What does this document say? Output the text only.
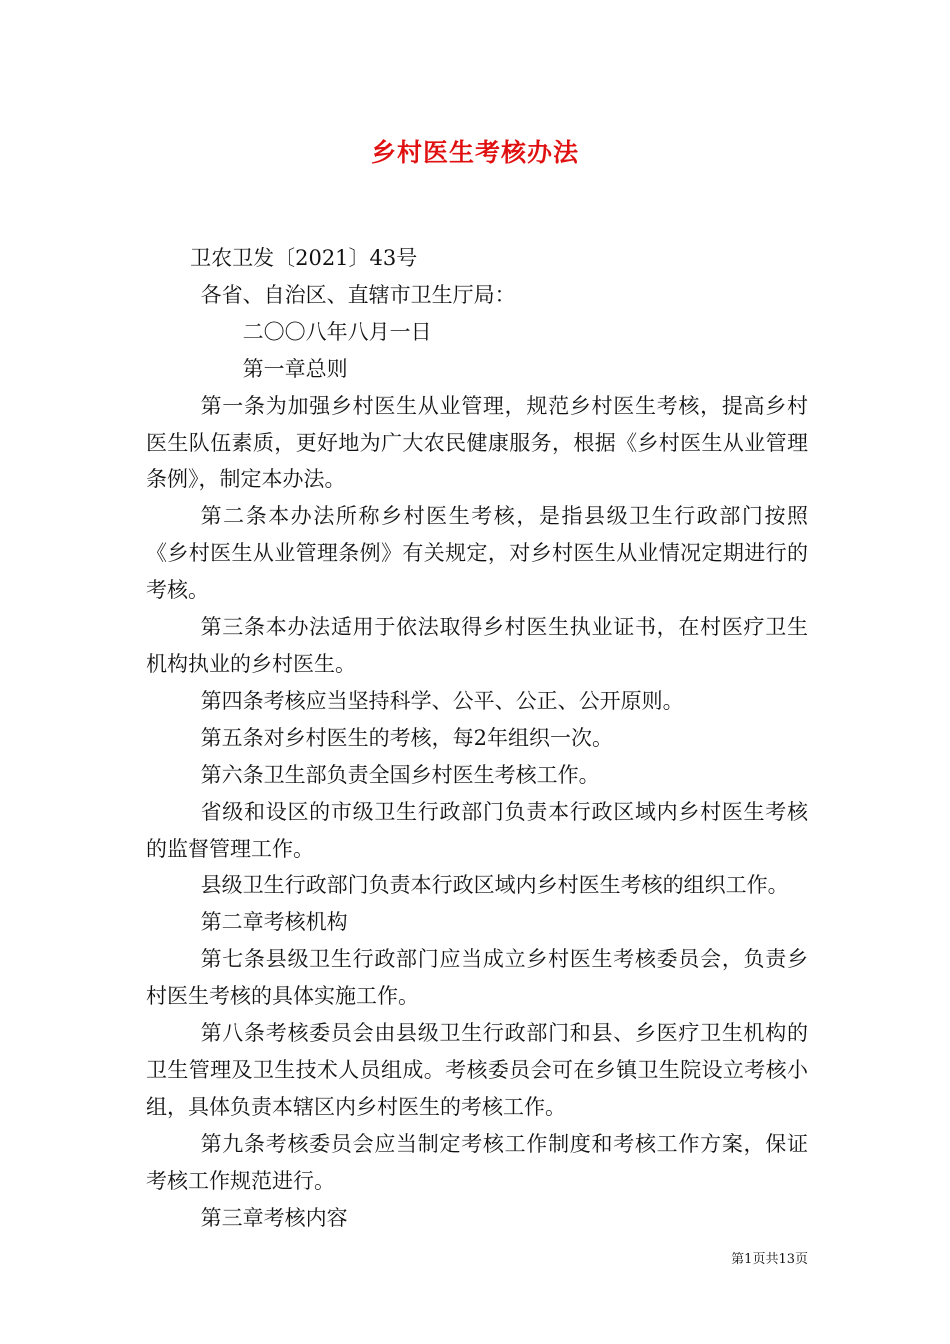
乡村医生考核办法

卫农卫发〔2021〕43号

各省、自治区、直辖市卫生厅局：

二〇〇八年八月一日

第一章总则

第一条为加强乡村医生从业管理，规范乡村医生考核，提高乡村医生队伍素质，更好地为广大农民健康服务，根据《乡村医生从业管理条例》，制定本办法。

第二条本办法所称乡村医生考核，是指县级卫生行政部门按照《乡村医生从业管理条例》有关规定，对乡村医生从业情况定期进行的考核。

第三条本办法适用于依法取得乡村医生执业证书，在村医疗卫生机构执业的乡村医生。

第四条考核应当坚持科学、公平、公正、公开原则。

第五条对乡村医生的考核，每2年组织一次。

第六条卫生部负责全国乡村医生考核工作。

省级和设区的市级卫生行政部门负责本行政区域内乡村医生考核的监督管理工作。

县级卫生行政部门负责本行政区域内乡村医生考核的组织工作。

第二章考核机构

第七条县级卫生行政部门应当成立乡村医生考核委员会，负责乡村医生考核的具体实施工作。

第八条考核委员会由县级卫生行政部门和县、乡医疗卫生机构的卫生管理及卫生技术人员组成。考核委员会可在乡镇卫生院设立考核小组，具体负责本辖区内乡村医生的考核工作。

第九条考核委员会应当制定考核工作制度和考核工作方案，保证考核工作规范进行。

第三章考核内容

第1页共13页
